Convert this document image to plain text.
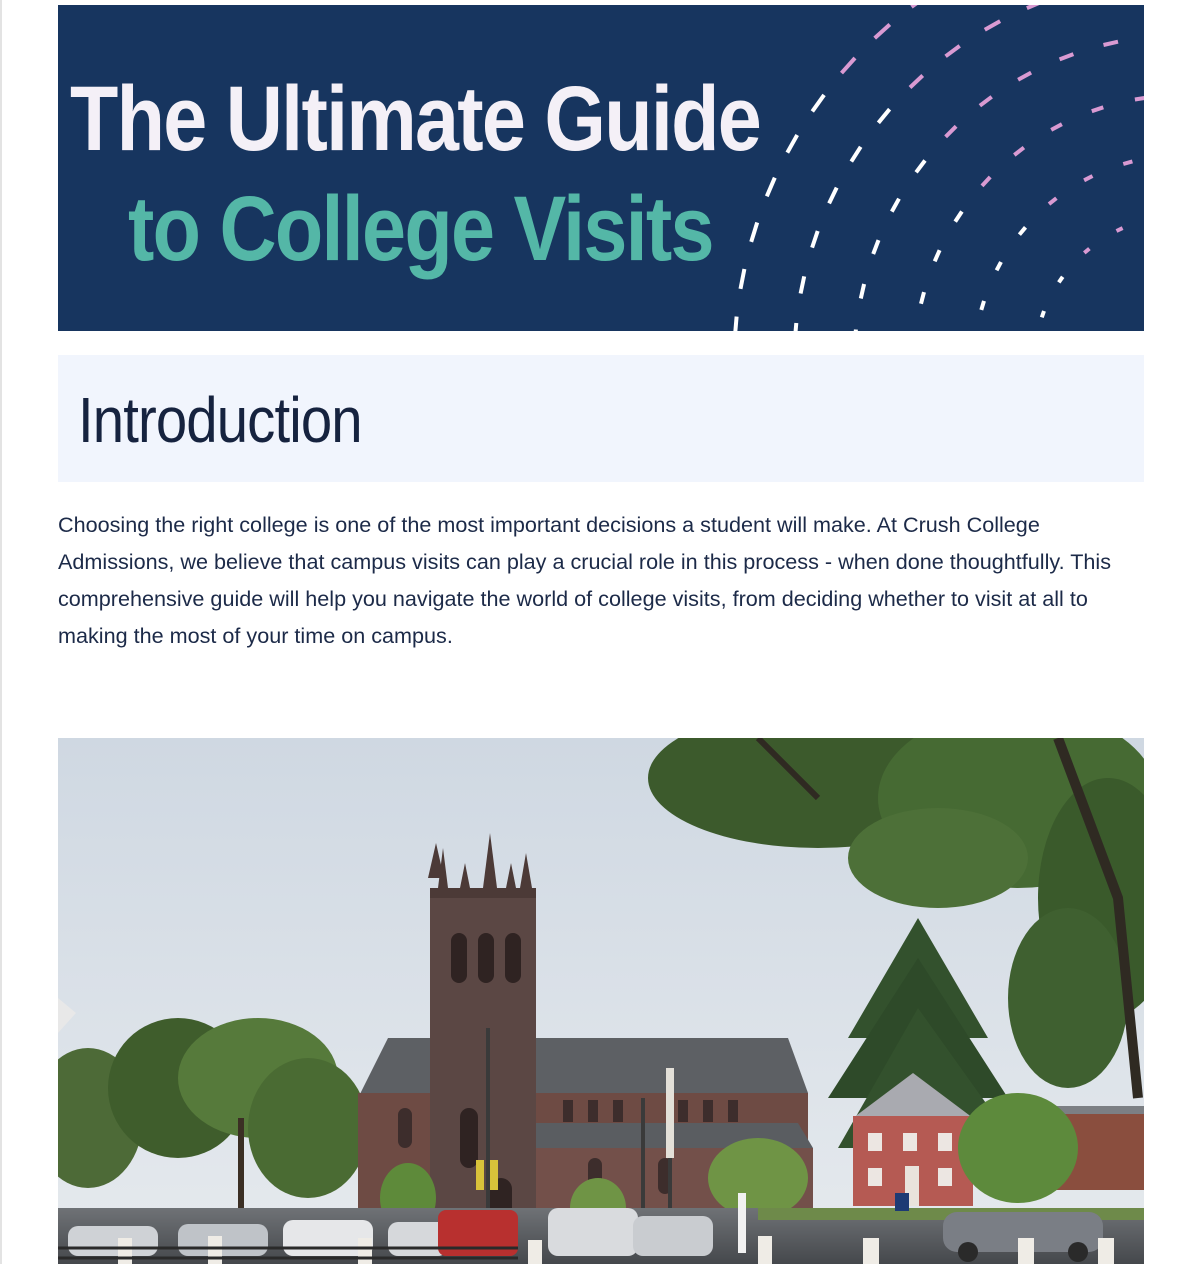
The Ultimate Guide
to College Visits
Introduction

Choosing the right college is one of the most important decisions a student will make. At Crush College Admissions, we believe that campus visits can play a crucial role in this process - when done thoughtfully. This comprehensive guide will help you navigate the world of college visits, from deciding whether to visit at all to making the most of your time on campus.
